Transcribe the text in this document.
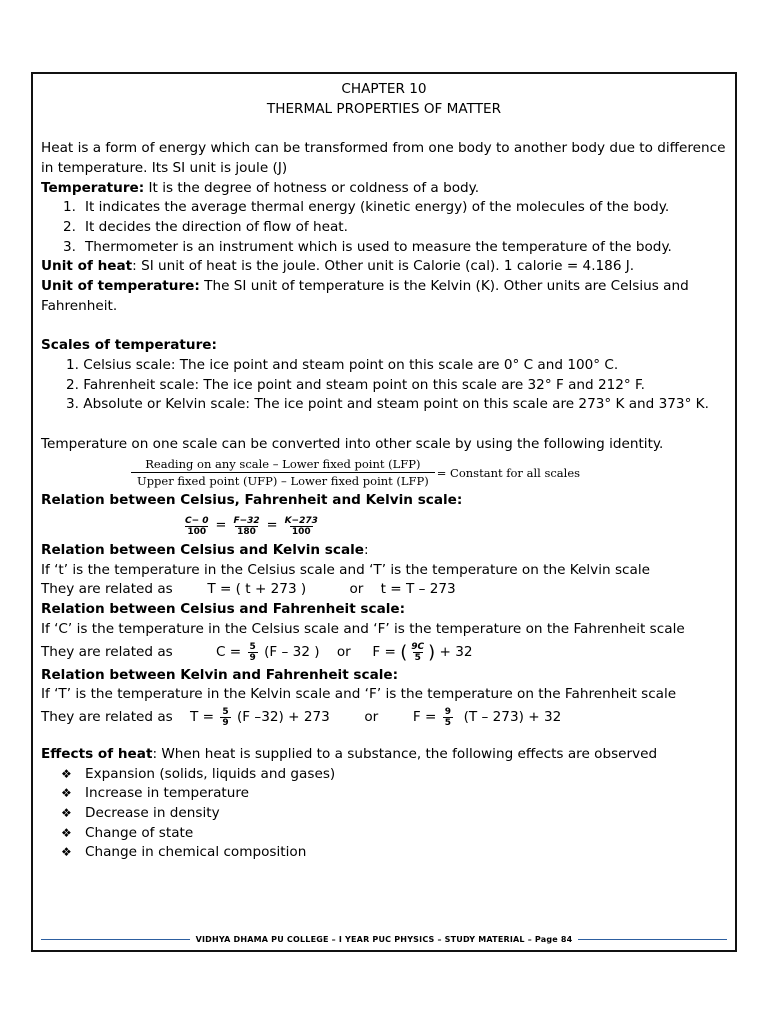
CHAPTER 10

THERMAL PROPERTIES OF MATTER

Heat is a form of energy which can be transformed from one body to another body due to difference in temperature. Its SI unit is joule (J)

Temperature: It is the degree of hotness or coldness of a body.

1. It indicates the average thermal energy (kinetic energy) of the molecules of the body.
2. It decides the direction of flow of heat.
3. Thermometer is an instrument which is used to measure the temperature of the body.

Unit of heat: SI unit of heat is the joule. Other unit is Calorie (cal). 1 calorie = 4.186 J.

Unit of temperature: The SI unit of temperature is the Kelvin (K). Other units are Celsius and Fahrenheit.

Scales of temperature:

1. Celsius scale: The ice point and steam point on this scale are 0° C and 100° C.
2. Fahrenheit scale: The ice point and steam point on this scale are 32° F and 212° F.
3. Absolute or Kelvin scale: The ice point and steam point on this scale are 273° K and 373° K.

Temperature on one scale can be converted into other scale by using the following identity.

$\frac{\text{Reading on any scale – Lower fixed point (LFP)}}{\text{Upper fixed point (UFP) – Lower fixed point (LFP)}}$ = Constant for all scales

Relation between Celsius, Fahrenheit and Kelvin scale:

$\frac{C- 0}{100} = \frac{F-32}{180} = \frac{K-273}{100}$

Relation between Celsius and Kelvin scale:

If ‘t’ is the temperature in the Celsius scale and ‘T’ is the temperature on the Kelvin scale

They are related as        T = ( t + 273 )          or    t = T – 273

Relation between Celsius and Fahrenheit scale:

If ‘C’ is the temperature in the Celsius scale and ‘F’ is the temperature on the Fahrenheit scale

They are related as          $C = \frac{5}{9} (F - 32$ )    or     F = ( $\frac{9C}{5}$ ) + 32

Relation between Kelvin and Fahrenheit scale:

If ‘T’ is the temperature in the Kelvin scale and ‘F’ is the temperature on the Fahrenheit scale

They are related as    $T = \frac{5}{9} (F$ –32) + 273        or        $F = \frac{9}{5} (T - 273) + 32$

Effects of heat: When heat is supplied to a substance, the following effects are observed

❖ Expansion (solids, liquids and gases)
❖ Increase in temperature
❖ Decrease in density
❖ Change of state
❖ Change in chemical composition
VIDHYA DHAMA PU COLLEGE – I YEAR PUC PHYSICS – STUDY MATERIAL – Page 84
